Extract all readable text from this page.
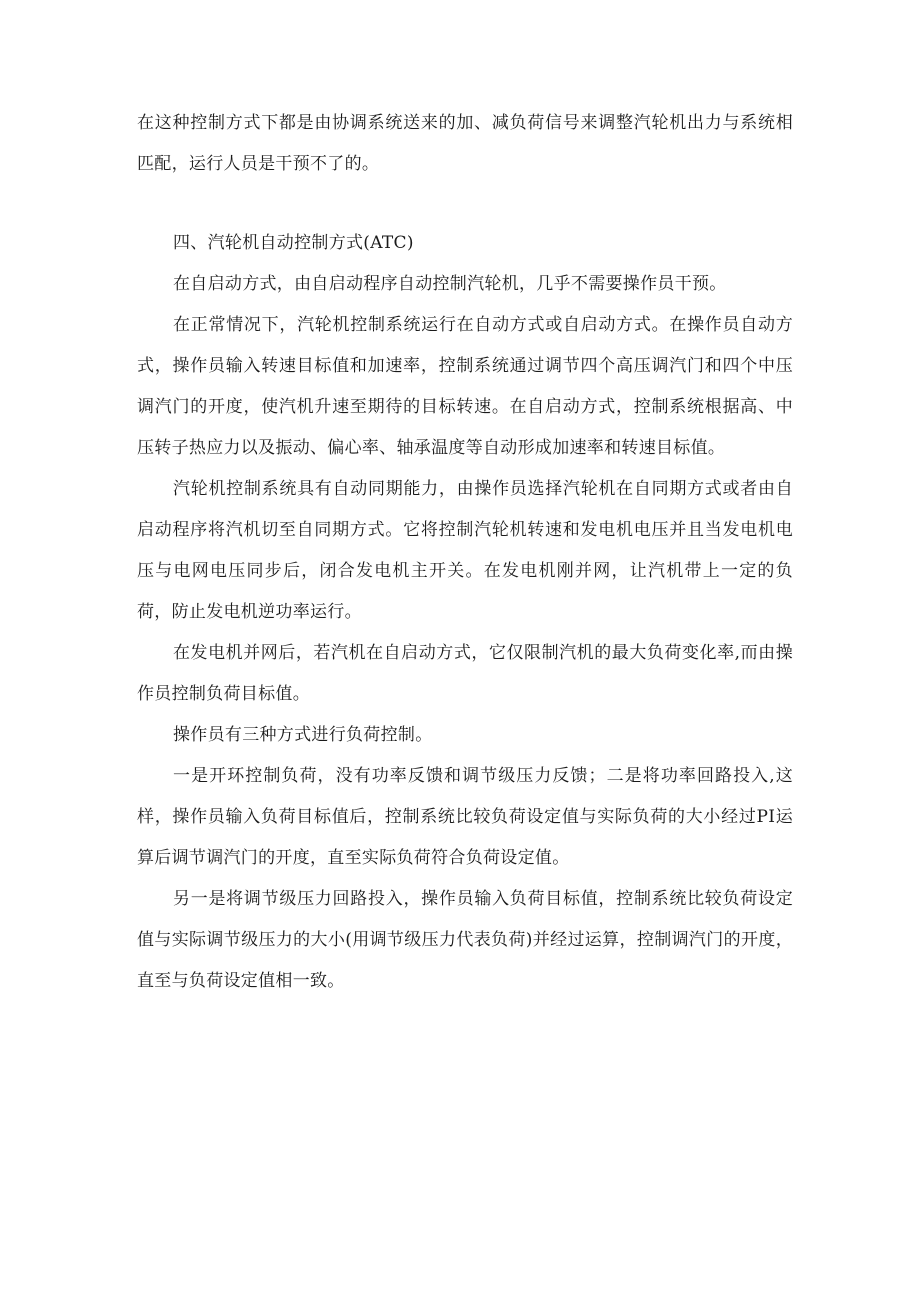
在这种控制方式下都是由协调系统送来的加、减负荷信号来调整汽轮机出力与系统相匹配，运行人员是干预不了的。

四、汽轮机自动控制方式(ATC)

在自启动方式，由自启动程序自动控制汽轮机，几乎不需要操作员干预。

在正常情况下，汽轮机控制系统运行在自动方式或自启动方式。在操作员自动方式，操作员输入转速目标值和加速率，控制系统通过调节四个高压调汽门和四个中压调汽门的开度，使汽机升速至期待的目标转速。在自启动方式，控制系统根据高、中压转子热应力以及振动、偏心率、轴承温度等自动形成加速率和转速目标值。

汽轮机控制系统具有自动同期能力，由操作员选择汽轮机在自同期方式或者由自启动程序将汽机切至自同期方式。它将控制汽轮机转速和发电机电压并且当发电机电压与电网电压同步后，闭合发电机主开关。在发电机刚并网，让汽机带上一定的负荷，防止发电机逆功率运行。

在发电机并网后，若汽机在自启动方式，它仅限制汽机的最大负荷变化率,而由操作员控制负荷目标值。

操作员有三种方式进行负荷控制。

一是开环控制负荷，没有功率反馈和调节级压力反馈；二是将功率回路投入,这样，操作员输入负荷目标值后，控制系统比较负荷设定值与实际负荷的大小经过PI运算后调节调汽门的开度，直至实际负荷符合负荷设定值。

另一是将调节级压力回路投入，操作员输入负荷目标值，控制系统比较负荷设定值与实际调节级压力的大小(用调节级压力代表负荷)并经过运算，控制调汽门的开度，直至与负荷设定值相一致。
